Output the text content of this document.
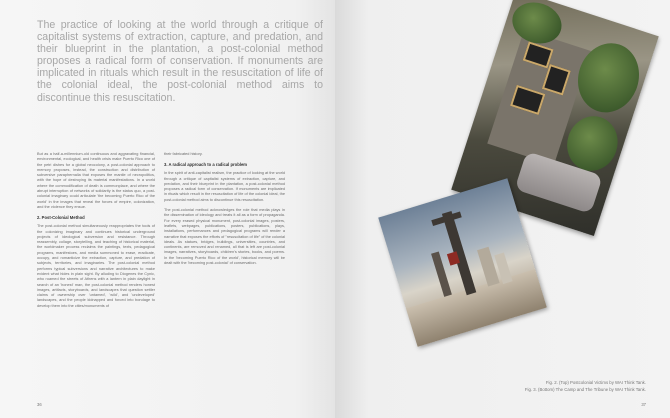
The practice of looking at the world through a critique of capitalist systems of extraction, capture, and predation, and their blueprint in the plantation, a post-colonial method proposes a radical form of conservation. If monuments are implicated in rituals which result in the resuscitation of life of the colonial ideal, the post-colonial method aims to discontinue this resuscitation.

But as a half-a-millennium-old continuous and aggravating financial, environmental, ecological, and health crisis make Puerto Rico one of the petri dishes for a global neocolony, a post-colonial approach to memory proposes, instead, the construction and distribution of subversive paraphernalia that exposes the mantle of necropolitics, with the hope of destroying its material manifestations. In a world where the commodification of death is commonplace, and where the abrupt interruption of networks of solidarity is the status quo, a post-colonial imaginary could articulate 'the becoming Puerto Rico of the world' in the images that reveal the forces of empire, colonization, and the violence they ensue.

2. Post-Colonial Method

The post-colonial method simultaneously reappropriates the tools of the colonizing imaginary and continues historical underground projects of ideological subversion and resistance. Through reassembly, collage, storytelling, and teaching of historical material, the worldmaker process reclaims the paintings, texts, pedagogical programs, manifestoes, and media summoned to erase, eradicate, occupy, and romanticize the extraction, capture, and predation of subjects, territories, and imaginaries. The post-colonial method performs typical subversions and narrative architectures to make evident what hides in plain sight. By alluding to Diogenes the Cynic, who roamed the streets of Athens with a lantern in plain daylight in search of an 'honest' man, the post-colonial method renders honest images, artifacts, storyboards, and landscapes that question settler claims of ownership over 'untamed', 'wild', and 'undeveloped' landscapes, and the people kidnapped and forced into bondage to develop them into the cities/monuments of

their fabricated history.

3. A radical approach to a radical problem

In the spirit of anti-capitalist realism, the practice of looking at the world through a critique of capitalist systems of extraction, capture, and predation, and their blueprint in the plantation, a post-colonial method proposes a radical form of conservation. If monuments are implicated in rituals which result in the resuscitation of life of the colonial ideal, the post-colonial method aims to discontinue this resuscitation.

The post-colonial method acknowledges the role that media plays in the dissemination of ideology and treats it all as a form of propaganda. For every erased physical monument, post-colonial images, posters, leaflets, webpages, publications, posters, publications, plays, installations, performances and pedagogical programs will render a narrative that exposes the efforts of "resuscitation of life" of the colonial ideals. As statues, bridges, buildings, universities, countries, and continents, are removed and renamed, all that is left are post-colonial images, narratives, storyboards, children's stories, books, and poems. In the 'becoming Puerto Rico of the world', historical memory will be dealt with the 'becoming post-colonial' of conservation.

36
Fig. 2. (Top) Postcolonial Victims by WAI Think Tank.
Fig. 3. (Bottom) The Camp and The Tribune by WAI Think Tank.
37
